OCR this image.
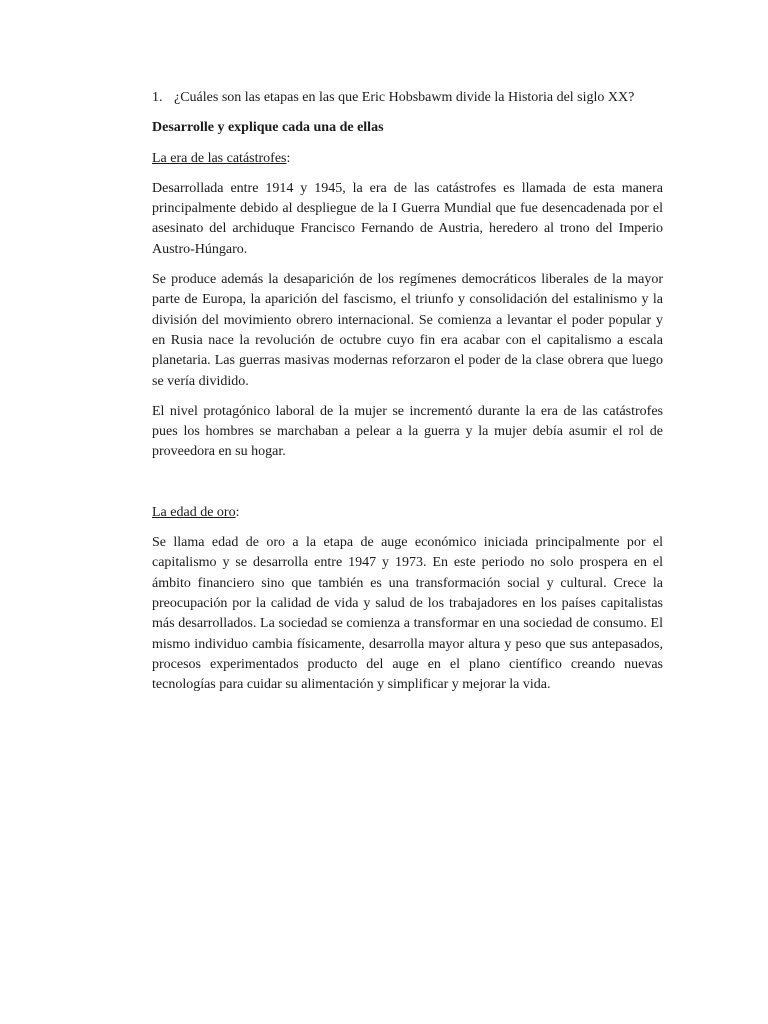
1. ¿Cuáles son las etapas en las que Eric Hobsbawm divide la Historia del siglo XX?

Desarrolle y explique cada una de ellas

La era de las catástrofes:

Desarrollada entre 1914 y 1945, la era de las catástrofes es llamada de esta manera principalmente debido al despliegue de la I Guerra Mundial que fue desencadenada por el asesinato del archiduque Francisco Fernando de Austria, heredero al trono del Imperio Austro-Húngaro.

Se produce además la desaparición de los regímenes democráticos liberales de la mayor parte de Europa, la aparición del fascismo, el triunfo y consolidación del estalinismo y la división del movimiento obrero internacional. Se comienza a levantar el poder popular y en Rusia nace la revolución de octubre cuyo fin era acabar con el capitalismo a escala planetaria. Las guerras masivas modernas reforzaron el poder de la clase obrera que luego se vería dividido.

El nivel protagónico laboral de la mujer se incrementó durante la era de las catástrofes pues los hombres se marchaban a pelear a la guerra y la mujer debía asumir el rol de proveedora en su hogar.

La edad de oro:

Se llama edad de oro a la etapa de auge económico iniciada principalmente por el capitalismo y se desarrolla entre 1947 y 1973. En este periodo no solo prospera en el ámbito financiero sino que también es una transformación social y cultural. Crece la preocupación por la calidad de vida y salud de los trabajadores en los países capitalistas más desarrollados. La sociedad se comienza a transformar en una sociedad de consumo. El mismo individuo cambia físicamente, desarrolla mayor altura y peso que sus antepasados, procesos experimentados producto del auge en el plano científico creando nuevas tecnologías para cuidar su alimentación y simplificar y mejorar la vida.
